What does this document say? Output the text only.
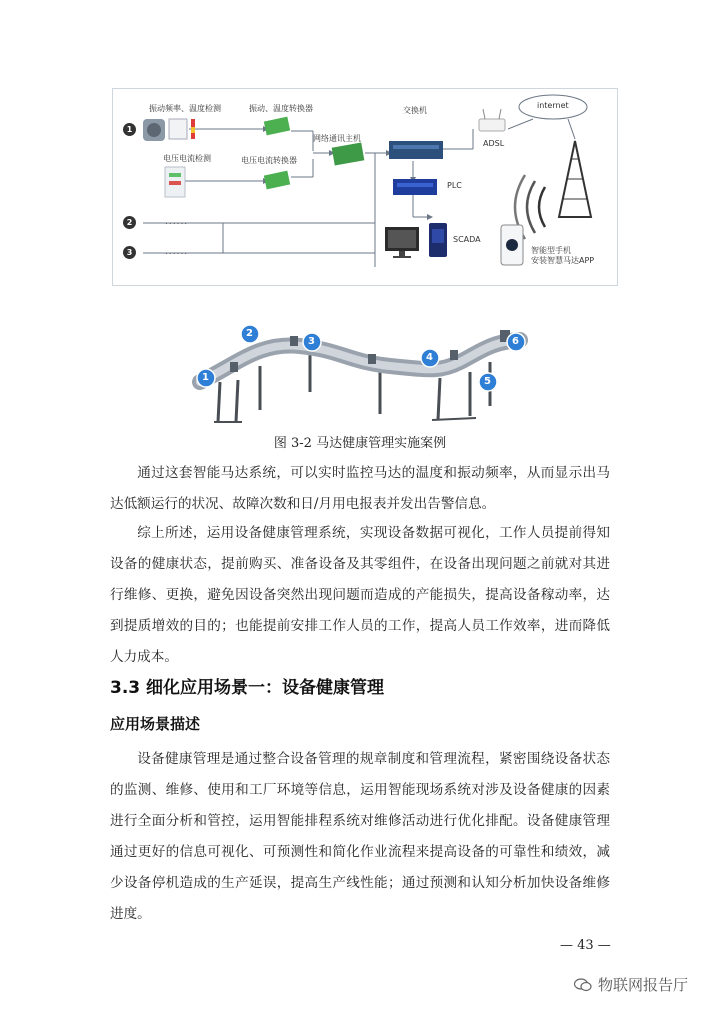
振动频率、温度检测	振动、温度转换器
网络通讯主机
交换机
internet
ADSL
电压电流检测	电压电流转换器
PLC
SCADA
智能型手机
安装智慧马达APP
1
2
3
......
......
1
2
3
4
5
6
图 3-2 马达健康管理实施案例

通过这套智能马达系统，可以实时监控马达的温度和振动频率，从而显示出马达低额运行的状况、故障次数和日/月用电报表并发出告警信息。

综上所述，运用设备健康管理系统，实现设备数据可视化，工作人员提前得知设备的健康状态，提前购买、准备设备及其零组件，在设备出现问题之前就对其进行维修、更换，避免因设备突然出现问题而造成的产能损失，提高设备稼动率，达到提质增效的目的；也能提前安排工作人员的工作，提高人员工作效率，进而降低人力成本。

3.3 细化应用场景一：设备健康管理
应用场景描述

设备健康管理是通过整合设备管理的规章制度和管理流程，紧密围绕设备状态的监测、维修、使用和工厂环境等信息，运用智能现场系统对涉及设备健康的因素进行全面分析和管控，运用智能排程系统对维修活动进行优化排配。设备健康管理通过更好的信息可视化、可预测性和简化作业流程来提高设备的可靠性和绩效，减少设备停机造成的生产延误，提高生产线性能；通过预测和认知分析加快设备维修进度。

— 43 —
物联网报告厅
